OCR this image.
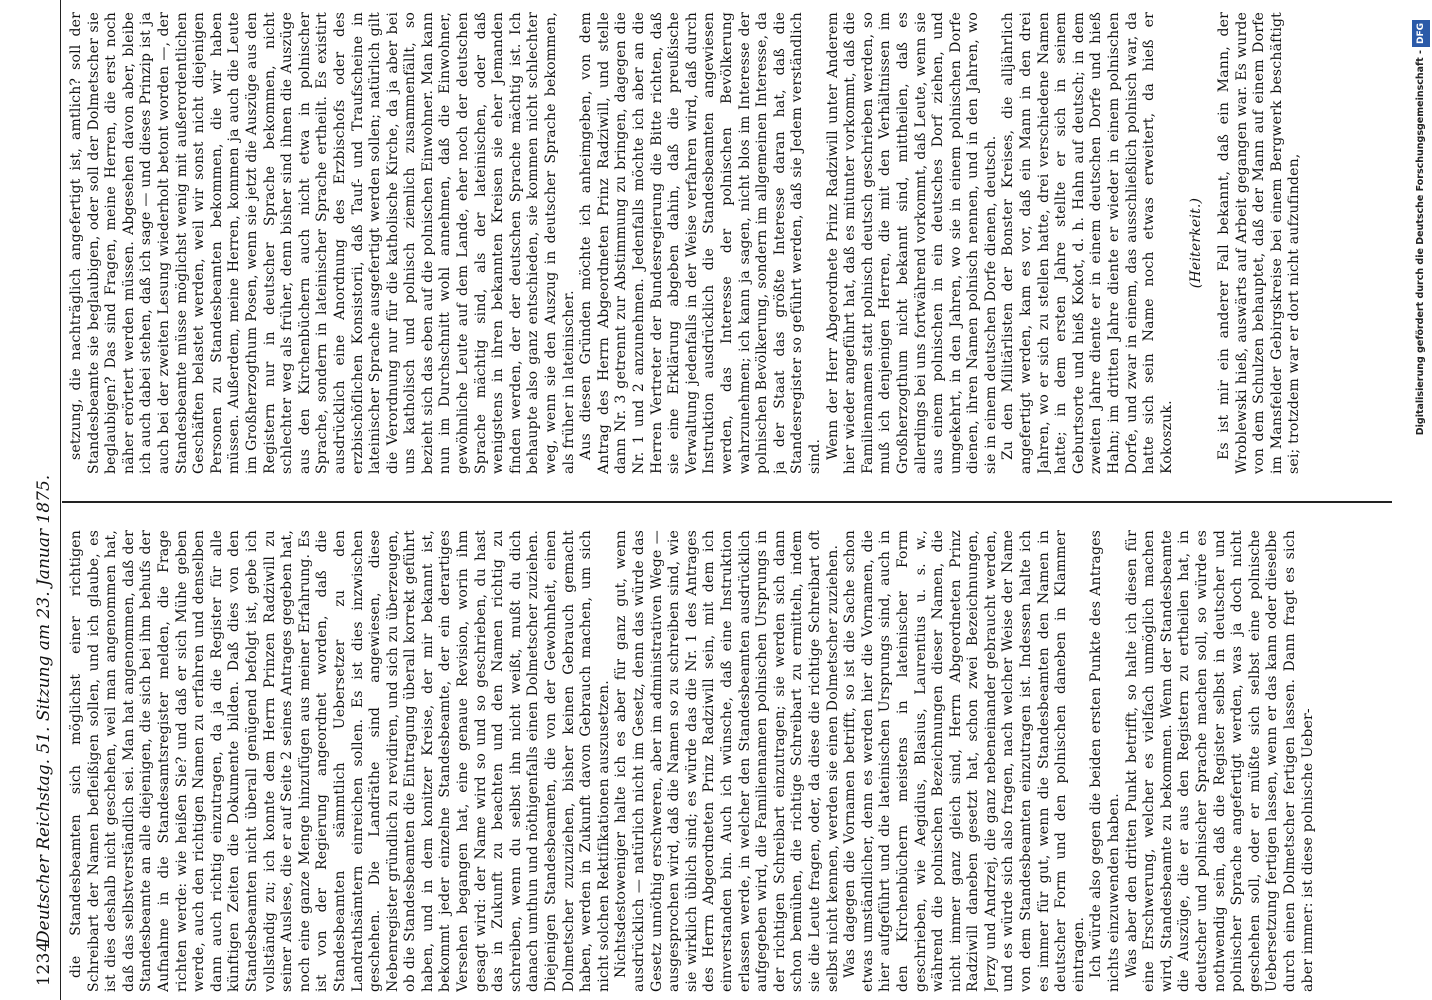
1234
Deutscher Reichstag. 51. Sitzung am 23. Januar 1875. die Standesbeamten sich möglichst einer richtigen Schreibart der Namen befleißigen sollen, und ich glaube, es ist dies deshalb nicht geschehen, weil man angenommen hat, daß das selbstverständlich sei. Man hat angenommen, daß der Standesbeamte an alle diejenigen, die sich bei ihm behufs der Aufnahme in die Standesamtsregister melden, die Frage richten werde: wie heißen Sie? und daß er sich Mühe geben werde, auch den richtigen Namen zu erfahren und denselben dann auch richtig einzutragen, da ja die Register für alle künftigen Zeiten die Dokumente bilden. Daß dies von den Standesbeamten nicht überall genügend befolgt ist, gebe ich vollständig zu; ich konnte dem Herrn Prinzen Radziwill zu seiner Auslese, die er auf Seite 2 seines Antrages gegeben hat, noch eine ganze Menge hinzufügen aus meiner Erfahrung. Es ist von der Regierung angeordnet worden, daß die Standesbeamten sämmtlich Uebersetzer zu den Landrathsämtern einreichen sollen. Es ist dies inzwischen geschehen. Die Landräthe sind angewiesen, diese Nebenregister gründlich zu revidiren, und sich zu überzeugen, ob die Standesbeamten die Eintragung überall korrekt geführt haben, und in dem konitzer Kreise, der mir bekannt ist, bekommt jeder einzelne Standesbeamte, der ein derartiges Versehen begangen hat, eine genaue Revision, worin ihm gesagt wird: der Name wird so und so geschrieben, du hast das in Zukunft zu beachten und den Namen richtig zu schreiben, wenn du selbst ihn nicht weißt, mußt du dich danach umthun und nöthigenfalls einen Dolmetscher zuziehen. Diejenigen Standesbeamten, die von der Gewohnheit, einen Dolmetscher zuzuziehen, bisher keinen Gebrauch gemacht haben, werden in Zukunft davon Gebrauch machen, um sich nicht solchen Rektifikationen auszusetzen. Nichtsdestoweniger halte ich es aber für ganz gut, wenn ausdrücklich — natürlich nicht im Gesetz, denn das würde das Gesetz unnöthig erschweren, aber im administrativen Wege — ausgesprochen wird, daß die Namen so zu schreiben sind, wie sie wirklich üblich sind; es würde das die Nr. 1 des Antrages des Herrn Abgeordneten Prinz Radziwill sein, mit dem ich einverstanden bin. Auch ich wünsche, daß eine Instruktion erlassen werde, in welcher den Standesbeamten ausdrücklich aufgegeben wird, die Familiennamen polnischen Ursprungs in der richtigen Schreibart einzutragen; sie werden sich dann schon bemühen, die richtige Schreibart zu ermitteln, indem sie die Leute fragen, oder, da diese die richtige Schreibart oft selbst nicht kennen, werden sie einen Dolmetscher zuziehen. Was dagegen die Vornamen betrifft, so ist die Sache schon etwas umständlicher, denn es werden hier die Vornamen, die hier aufgeführt und die lateinischen Ursprungs sind, auch in den Kirchenbüchern meistens in lateinischer Form geschrieben, wie Aegidius, Blasius, Laurentius u. s. w., während die polnischen Bezeichnungen dieser Namen, die nicht immer ganz gleich sind, Herrn Abgeordneten Prinz Radziwill daneben gesetzt hat, schon zwei Bezeichnungen, Jerzy und Andrzej, die ganz nebeneinander gebraucht werden, und es würde sich also fragen, nach welcher Weise der Name von dem Standesbeamten einzutragen ist. Indessen halte ich es immer für gut, wenn die Standesbeamten den Namen in deutscher Form und den polnischen daneben in Klammer eintragen. Ich würde also gegen die beiden ersten Punkte des Antrages nichts einzuwenden haben. Was aber den dritten Punkt betrifft, so halte ich diesen für eine Erschwerung, welcher es vielfach unmöglich machen wird, Standesbeamte zu bekommen. Wenn der Standesbeamte die Auszüge, die er aus den Registern zu ertheilen hat, in deutscher und polnischer Sprache machen soll, so würde es nothwendig sein, daß die Register selbst in deutscher und polnischer Sprache angefertigt werden, was ja doch nicht geschehen soll, oder er müßte sich selbst eine polnische Uebersetzung fertigen lassen, wenn er das kann oder dieselbe durch einen Dolmetscher fertigen lassen. Dann fragt es sich aber immer: ist diese polnische Ueber-

setzung, die nachträglich angefertigt ist, amtlich? soll der Standesbeamte sie beglaubigen, oder soll der Dolmetscher sie beglaubigen? Das sind Fragen, meine Herren, die erst noch näher erörtert werden müssen. Abgesehen davon aber, bleibe ich auch dabei stehen, daß ich sage — und dieses Prinzip ist ja auch bei der zweiten Lesung wiederholt betont worden —, der Standesbeamte müsse möglichst wenig mit außerordentlichen Geschäften belastet werden, weil wir sonst nicht diejenigen Personen zu Standesbeamten bekommen, die wir haben müssen. Außerdem, meine Herren, kommen ja auch die Leute im Großherzogthum Posen, wenn sie jetzt die Auszüge aus den Registern nur in deutscher Sprache bekommen, nicht schlechter weg als früher, denn bisher sind ihnen die Auszüge aus den Kirchenbüchern auch nicht etwa in polnischer Sprache, sondern in lateinischer Sprache ertheilt. Es existirt ausdrücklich eine Anordnung des Erzbischofs oder des erzbischöflichen Konsistorii, daß Tauf- und Traufscheine in lateinischer Sprache ausgefertigt werden sollen; natürlich gilt die Verordnung nur für die katholische Kirche, da ja aber bei uns katholisch und polnisch ziemlich zusammenfällt, so bezieht sich das eben auf die polnischen Einwohner. Man kann nun im Durchschnitt wohl annehmen, daß die Einwohner, gewöhnliche Leute auf dem Lande, eher noch der deutschen Sprache mächtig sind, als der lateinischen, oder daß wenigstens in ihren bekannten Kreisen sie eher Jemanden finden werden, der der deutschen Sprache mächtig ist. Ich behaupte also ganz entschieden, sie kommen nicht schlechter weg, wenn sie den Auszug in deutscher Sprache bekommen, als früher in lateinischer. Aus diesen Gründen möchte ich anheimgeben, von dem Antrag des Herrn Abgeordneten Prinz Radziwill, und stelle dann Nr. 3 getrennt zur Abstimmung zu bringen, dagegen die Nr. 1 und 2 anzunehmen. Jedenfalls möchte ich aber an die Herren Vertreter der Bundesregierung die Bitte richten, daß sie eine Erklärung abgeben dahin, daß die preußische Verwaltung jedenfalls in der Weise verfahren wird, daß durch Instruktion ausdrücklich die Standesbeamten angewiesen werden, das Interesse der polnischen Bevölkerung wahrzunehmen; ich kann ja sagen, nicht blos im Interesse der polnischen Bevölkerung, sondern im allgemeinen Interesse, da ja der Staat das größte Interesse daran hat, daß die Standesregister so geführt werden, daß sie Jedem verständlich sind. Wenn der Herr Abgeordnete Prinz Radziwill unter Anderem hier wieder angeführt hat, daß es mitunter vorkommt, daß die Familiennamen statt polnisch deutsch geschrieben werden, so muß ich denjenigen Herren, die mit den Verhältnissen im Großherzogthum nicht bekannt sind, mittheilen, daß es allerdings bei uns fortwährend vorkommt, daß Leute, wenn sie aus einem polnischen in ein deutsches Dorf ziehen, und umgekehrt, in den Jahren, wo sie in einem polnischen Dorfe dienen, ihren Namen polnisch nennen, und in den Jahren, wo sie in einem deutschen Dorfe dienen, deutsch. Zu den Militärlisten der Bonster Kreises, die alljährlich angefertigt werden, kam es vor, daß ein Mann in den drei Jahren, wo er sich zu stellen hatte, drei verschiedene Namen hatte; in dem ersten Jahre stellte er sich in seinem Geburtsorte und hieß Kokot, d. h. Hahn auf deutsch; in dem zweiten Jahre diente er in einem deutschen Dorfe und hieß Hahn; im dritten Jahre diente er wieder in einem polnischen Dorfe, und zwar in einem, das ausschließlich polnisch war, da hatte sich sein Name noch etwas erweitert, da hieß er Kokoszuk.

(Heiterkeit.) Es ist mir ein anderer Fall bekannt, daß ein Mann, der Wroblewski hieß, auswärts auf Arbeit gegangen war. Es wurde von dem Schulzen behauptet, daß der Mann auf einem Dorfe im Mansfelder Gebirgskreise bei einem Bergwerk beschäftigt sei; trotzdem war er dort nicht aufzufinden,	Digitalisierung gefördert durch die Deutsche Forschungsgemeinschaft -DFG
